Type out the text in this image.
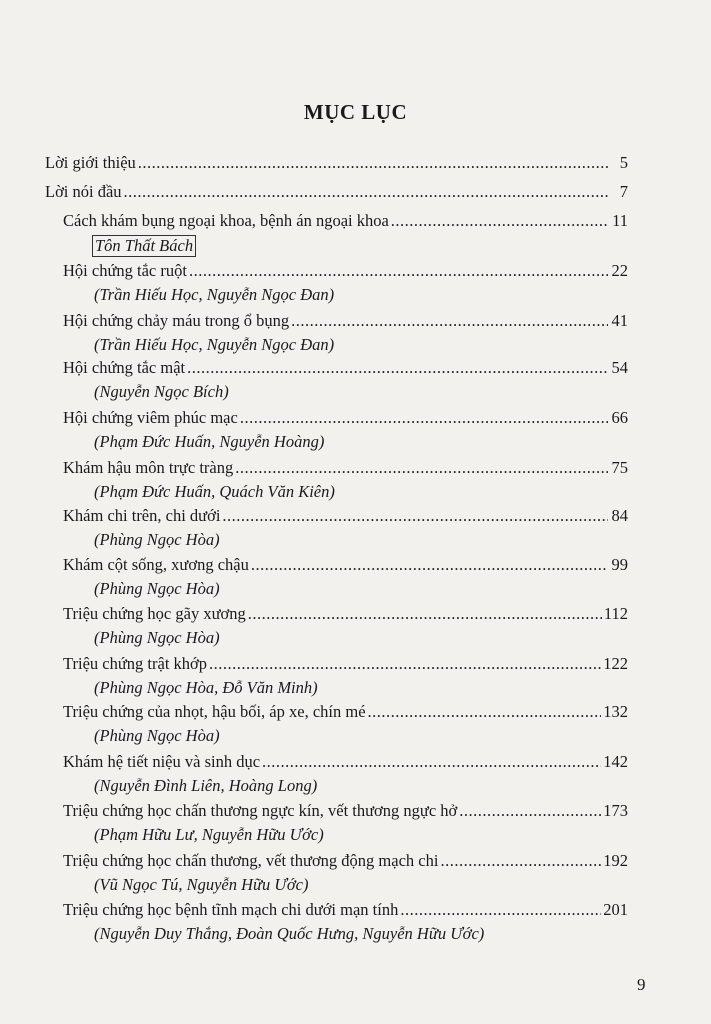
MỤC LỤC
Lời giới thiệu .....	5
Lời nói đầu .....	7
Cách khám bụng ngoại khoa, bệnh án ngoại khoa .....	11
Tôn Thất Bách
Hội chứng tắc ruột .....	22
(Trần Hiếu Học, Nguyễn Ngọc Đan)
Hội chứng chảy máu trong ổ bụng .....	41
(Trần Hiếu Học, Nguyễn Ngọc Đan)
Hội chứng tắc mật .....	54
(Nguyễn Ngọc Bích)
Hội chứng viêm phúc mạc .....	66
(Phạm Đức Huấn, Nguyễn Hoàng)
Khám hậu môn trực tràng .....	75
(Phạm Đức Huấn, Quách Văn Kiên)
Khám chi trên, chi dưới .....	84
(Phùng Ngọc Hòa)
Khám cột sống, xương chậu .....	99
(Phùng Ngọc Hòa)
Triệu chứng học gãy xương .....	112
(Phùng Ngọc Hòa)
Triệu chứng trật khớp .....	122
(Phùng Ngọc Hòa, Đỗ Văn Minh)
Triệu chứng của nhọt, hậu bối, áp xe, chín mé .....	132
(Phùng Ngọc Hòa)
Khám hệ tiết niệu và sinh dục .....	142
(Nguyễn Đình Liên, Hoàng Long)
Triệu chứng học chấn thương ngực kín, vết thương ngực hở .....	173
(Phạm Hữu Lư, Nguyễn Hữu Ước)
Triệu chứng học chấn thương, vết thương động mạch chi .....	192
(Vũ Ngọc Tú, Nguyễn Hữu Ước)
Triệu chứng học bệnh tĩnh mạch chi dưới mạn tính .....	201
(Nguyễn Duy Thắng, Đoàn Quốc Hưng, Nguyễn Hữu Ước)
9
